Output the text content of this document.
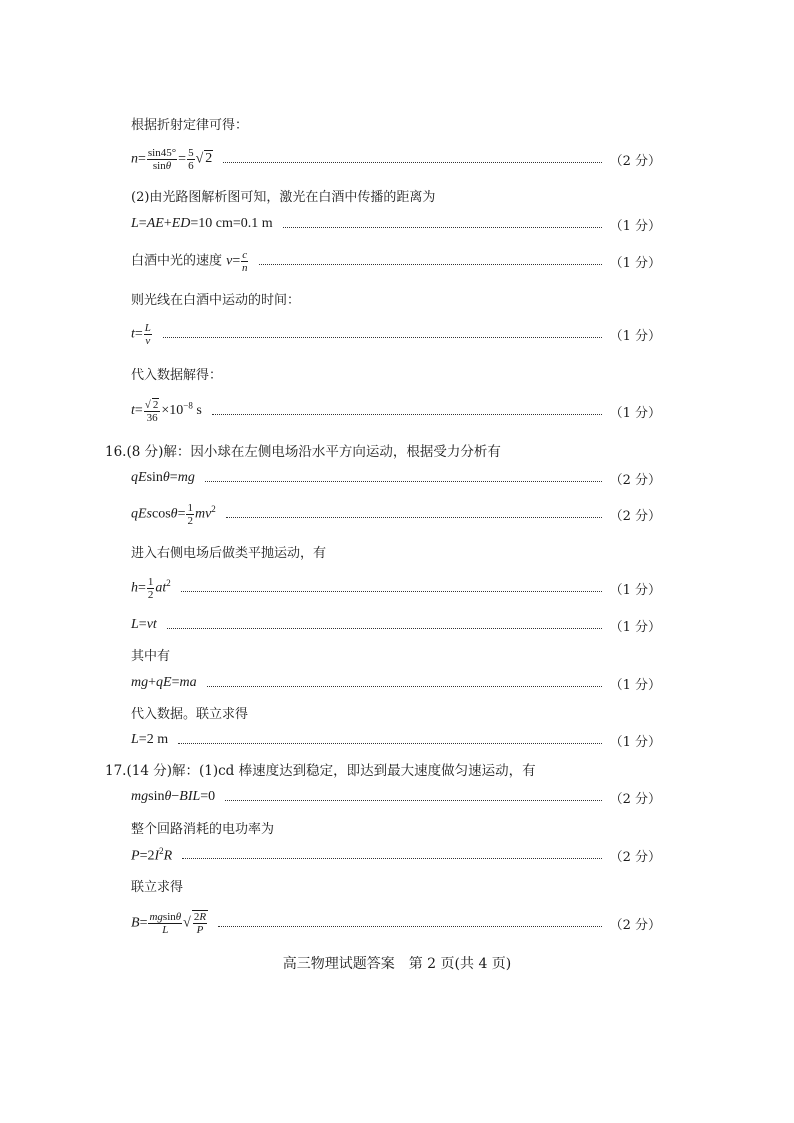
根据折射定律可得：
$n= \frac{\sin 45^\circ}{\sin\theta} = \frac{5}{6}$ √ 2	（2 分）
(2)由光路图解析图可知，激光在白酒中传播的距离为
L=AE+ED=10 cm=0.1 m	（1 分）
白酒中光的速度 $v= \frac{c}{n}$	（1 分）
则光线在白酒中运动的时间：
$t= \frac{L}{v}$	（1 分）
代入数据解得：
$t= \frac{√ 2}{36} \times 10^{-8}$ s	（1 分）
16.(8 分)解：因小球在左侧电场沿水平方向运动，根据受力分析有
qEsinθ=mg	（2 分）
$qEscos\theta= \frac{1}{2} mv^2$	（2 分）
进入右侧电场后做类平抛运动，有
$h= \frac{1}{2} at^2$	（1 分）
L=vt	（1 分）
其中有
mg+qE=ma	（1 分）
代入数据。联立求得
L=2 m	（1 分）
17.(14 分)解：(1)cd 棒速度达到稳定，即达到最大速度做匀速运动，有
mgsinθ−BIL=0	（2 分）
整个回路消耗的电功率为
$P=2I^2R$	（2 分）
联立求得
$B= \frac{mgsin\theta}{L}$ √ $\frac{2R}{P}$	（2 分）
高三物理试题答案　第 2 页(共 4 页)
